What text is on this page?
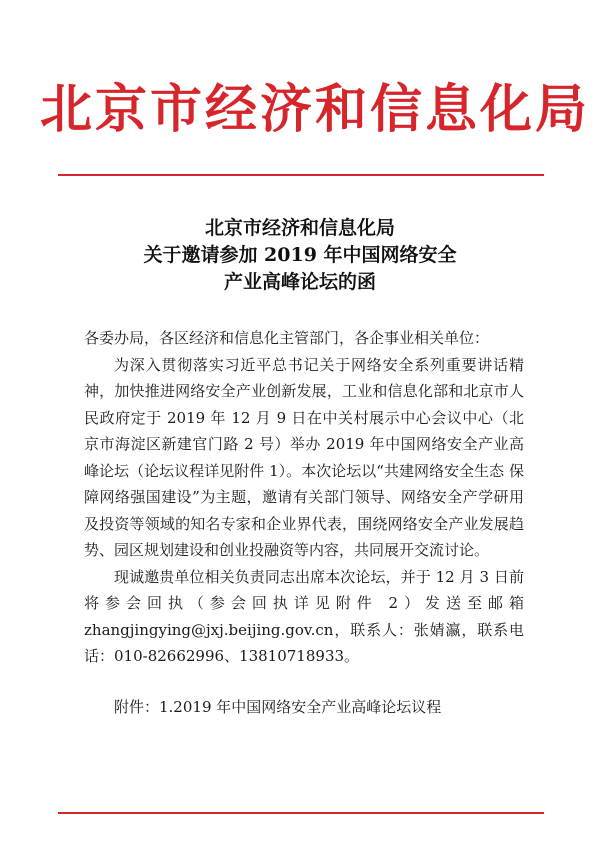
北京市经济和信息化局
北京市经济和信息化局
关于邀请参加 2019 年中国网络安全
产业高峰论坛的函

各委办局，各区经济和信息化主管部门，各企事业相关单位：

为深入贯彻落实习近平总书记关于网络安全系列重要讲话精神，加快推进网络安全产业创新发展，工业和信息化部和北京市人民政府定于 2019 年 12 月 9 日在中关村展示中心会议中心（北京市海淀区新建官门路 2 号）举办 2019 年中国网络安全产业高峰论坛（论坛议程详见附件 1）。本次论坛以“共建网络安全生态 保障网络强国建设”为主题，邀请有关部门领导、网络安全产学研用及投资等领域的知名专家和企业界代表，围绕网络安全产业发展趋势、园区规划建设和创业投融资等内容，共同展开交流讨论。

现诚邀贵单位相关负责同志出席本次论坛，并于 12 月 3 日前将参会回执（参会回执详见附件 2）发送至邮箱 zhangjingying@jxj.beijing.gov.cn，联系人：张婧瀛，联系电话：010-82662996、13810718933。

附件：1.2019 年中国网络安全产业高峰论坛议程
